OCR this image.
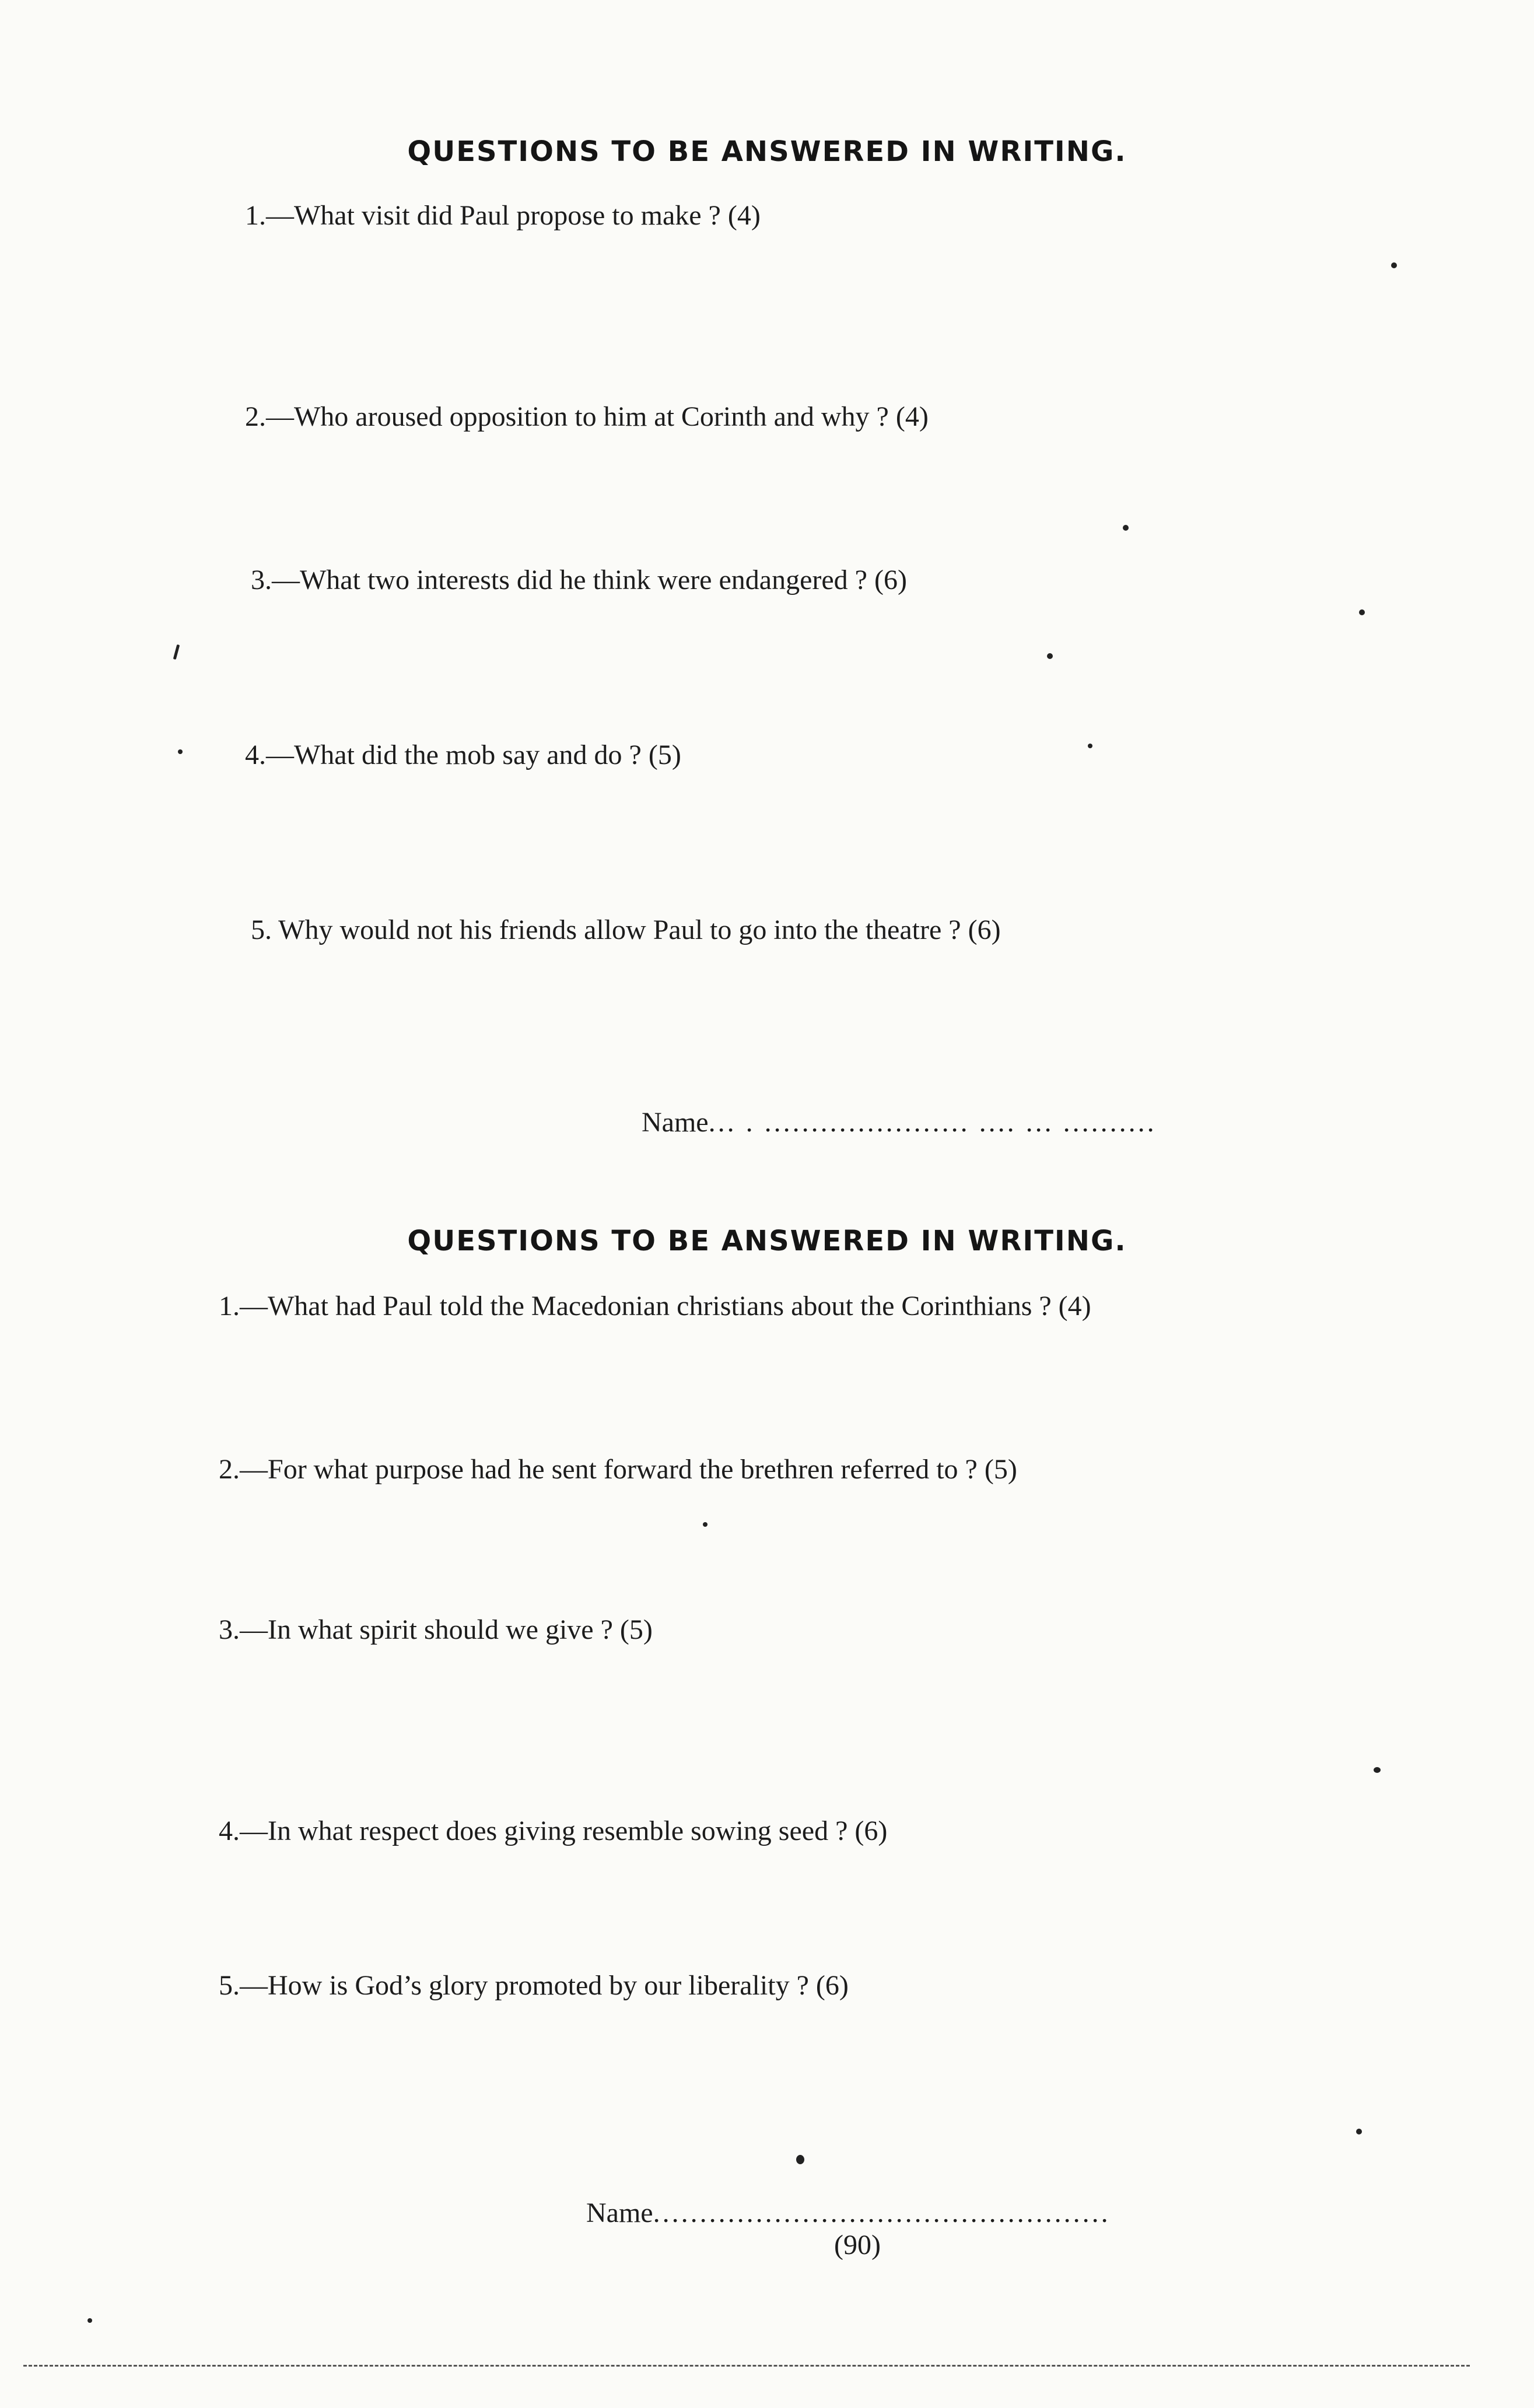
QUESTIONS TO BE ANSWERED IN WRITING.
1.—What visit did Paul propose to make ? (4)
2.—Who aroused opposition to him at Corinth and why ? (4)
3.—What two interests did he think were endangered ? (6)
4.—What did the mob say and do ? (5)
5. Why would not his friends allow Paul to go into the theatre ? (6)
Name... . ...................... .... ... ..........
QUESTIONS TO BE ANSWERED IN WRITING.
1.—What had Paul told the Macedonian christians about the Corinthians ? (4)
2.—For what purpose had he sent forward the brethren referred to ? (5)
3.—In what spirit should we give ? (5)
4.—In what respect does giving resemble sowing seed ? (6)
5.—How is God’s glory promoted by our liberality ? (6)
Name.................................................
(90)
